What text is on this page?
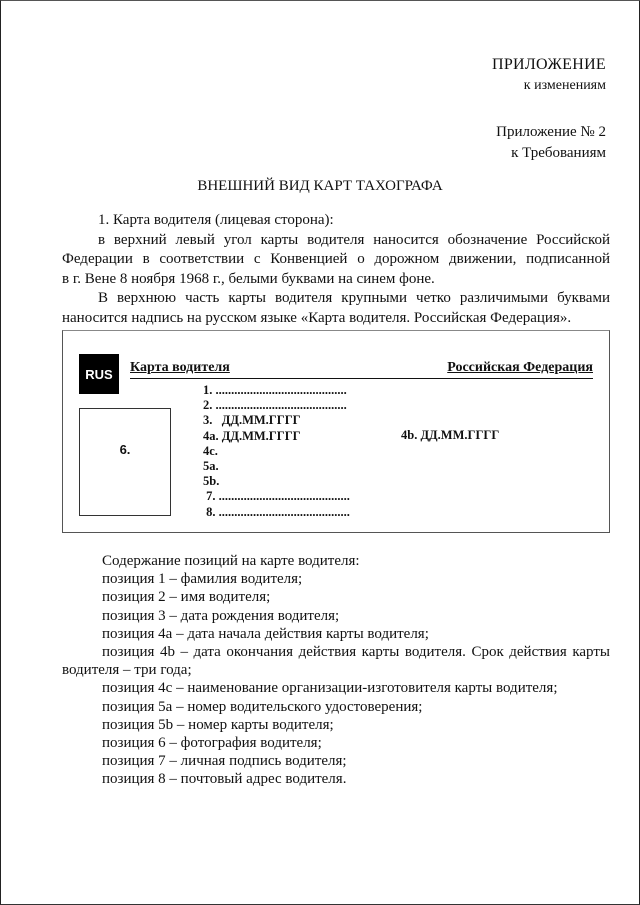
ПРИЛОЖЕНИЕ
к изменениям
Приложение № 2
к Требованиям
ВНЕШНИЙ ВИД КАРТ ТАХОГРАФА
1. Карта водителя (лицевая сторона):
в верхний левый угол карты водителя наносится обозначение Российской
Федерации в соответствии с Конвенцией о дорожном движении, подписанной
в г. Вене 8 ноября 1968 г., белыми буквами на синем фоне.
В верхнюю часть карты водителя крупными четко различимыми буквами
наносится надпись на русском языке «Карта водителя. Российская Федерация».
RUS	Карта водителя	Российская Федерация
6.
1. ..........................................
2. ..........................................
3.   ДД.ММ.ГГГГ
4a. ДД.ММ.ГГГГ
4c.
5a.
5b.
7. ..........................................
8. ..........................................
4b. ДД.ММ.ГГГГ
Содержание позиций на карте водителя:
позиция 1 – фамилия водителя;
позиция 2 – имя водителя;
позиция 3 – дата рождения водителя;
позиция 4a – дата начала действия карты водителя;
позиция 4b – дата окончания действия карты водителя. Срок действия карты
водителя – три года;
позиция 4c – наименование организации-изготовителя карты водителя;
позиция 5a – номер водительского удостоверения;
позиция 5b – номер карты водителя;
позиция 6 – фотография водителя;
позиция 7 – личная подпись водителя;
позиция 8 – почтовый адрес водителя.
